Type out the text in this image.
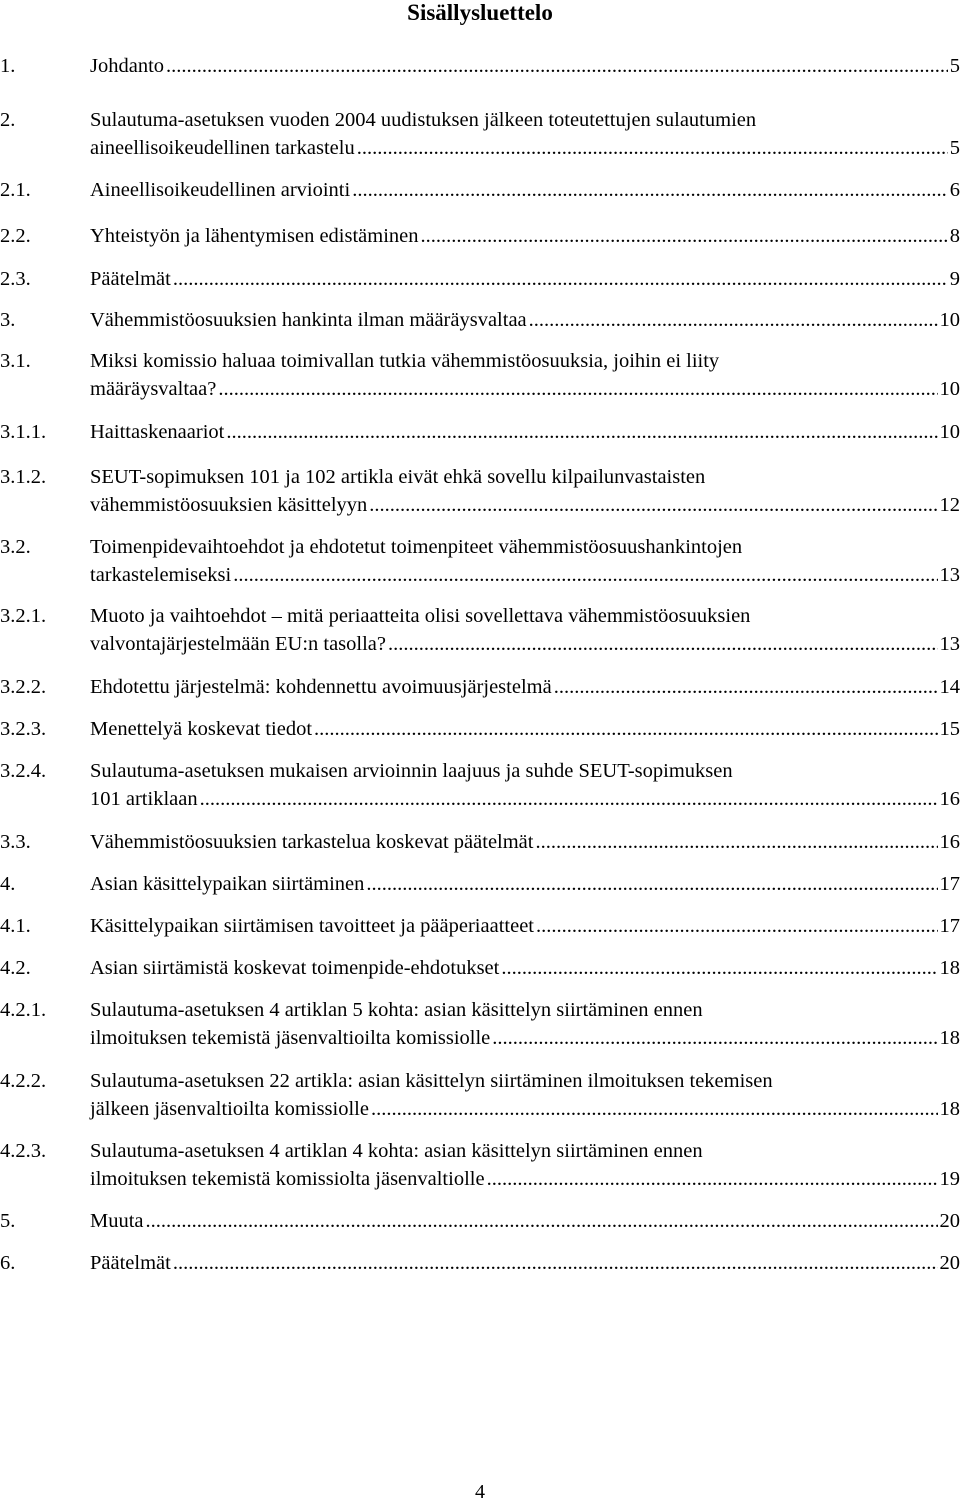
Sisällysluettelo
1.	Johdanto .....	5
2.	Sulautuma-asetuksen vuoden 2004 uudistuksen jälkeen toteutettujen sulautumien
aineellisoikeudellinen tarkastelu .....	5
2.1.	Aineellisoikeudellinen arviointi .....	6
2.2.	Yhteistyön ja lähentymisen edistäminen .....	8
2.3.	Päätelmät .....	9
3.	Vähemmistöosuuksien hankinta ilman määräysvaltaa .....	10
3.1.	Miksi komissio haluaa toimivallan tutkia vähemmistöosuuksia, joihin ei liity
määräysvaltaa? .....	10
3.1.1. Haittaskenaariot .....	10
3.1.2. SEUT-sopimuksen 101 ja 102 artikla eivät ehkä sovellu kilpailunvastaisten
vähemmistöosuuksien käsittelyyn .....	12
3.2.	Toimenpidevaihtoehdot ja ehdotetut toimenpiteet vähemmistöosuushankintojen
tarkastelemiseksi .....	13
3.2.1. Muoto ja vaihtoehdot – mitä periaatteita olisi sovellettava vähemmistöosuuksien
valvontajärjestelmään EU:n tasolla? .....	13
3.2.2. Ehdotettu järjestelmä: kohdennettu avoimuusjärjestelmä .....	14
3.2.3. Menettelyä koskevat tiedot .....	15
3.2.4. Sulautuma-asetuksen mukaisen arvioinnin laajuus ja suhde SEUT-sopimuksen
101 artiklaan .....	16
3.3.	Vähemmistöosuuksien tarkastelua koskevat päätelmät .....	16
4.	Asian käsittelypaikan siirtäminen .....	17
4.1.	Käsittelypaikan siirtämisen tavoitteet ja pääperiaatteet .....	17
4.2.	Asian siirtämistä koskevat toimenpide-ehdotukset .....	18
4.2.1. Sulautuma-asetuksen 4 artiklan 5 kohta: asian käsittelyn siirtäminen ennen
ilmoituksen tekemistä jäsenvaltioilta komissiolle .....	18
4.2.2. Sulautuma-asetuksen 22 artikla: asian käsittelyn siirtäminen ilmoituksen tekemisen
jälkeen jäsenvaltioilta komissiolle .....	18
4.2.3. Sulautuma-asetuksen 4 artiklan 4 kohta: asian käsittelyn siirtäminen ennen
ilmoituksen tekemistä komissiolta jäsenvaltiolle .....	19
5.	Muuta .....	20
6.	Päätelmät .....	20
4
